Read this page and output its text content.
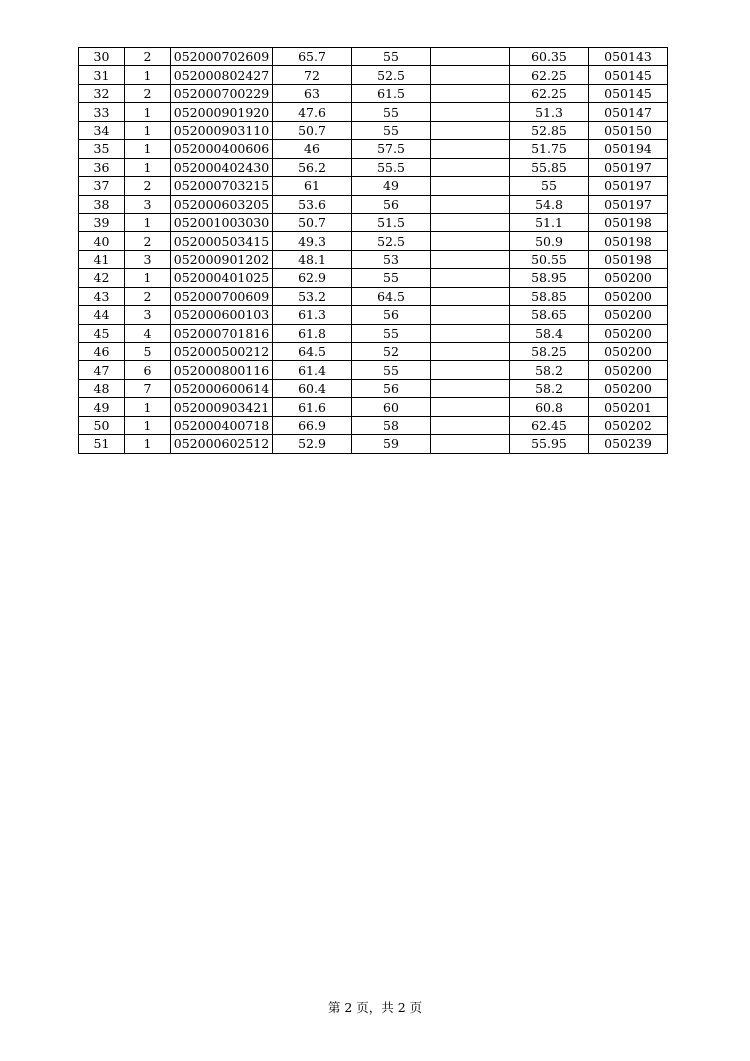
30	2	052000702609	65.7	55		60.35	050143
31	1	052000802427	72	52.5		62.25	050145
32	2	052000700229	63	61.5		62.25	050145
33	1	052000901920	47.6	55		51.3	050147
34	1	052000903110	50.7	55		52.85	050150
35	1	052000400606	46	57.5		51.75	050194
36	1	052000402430	56.2	55.5		55.85	050197
37	2	052000703215	61	49		55	050197
38	3	052000603205	53.6	56		54.8	050197
39	1	052001003030	50.7	51.5		51.1	050198
40	2	052000503415	49.3	52.5		50.9	050198
41	3	052000901202	48.1	53		50.55	050198
42	1	052000401025	62.9	55		58.95	050200
43	2	052000700609	53.2	64.5		58.85	050200
44	3	052000600103	61.3	56		58.65	050200
45	4	052000701816	61.8	55		58.4	050200
46	5	052000500212	64.5	52		58.25	050200
47	6	052000800116	61.4	55		58.2	050200
48	7	052000600614	60.4	56		58.2	050200
49	1	052000903421	61.6	60		60.8	050201
50	1	052000400718	66.9	58		62.45	050202
51	1	052000602512	52.9	59		55.95	050239
第 2 页，共 2 页
